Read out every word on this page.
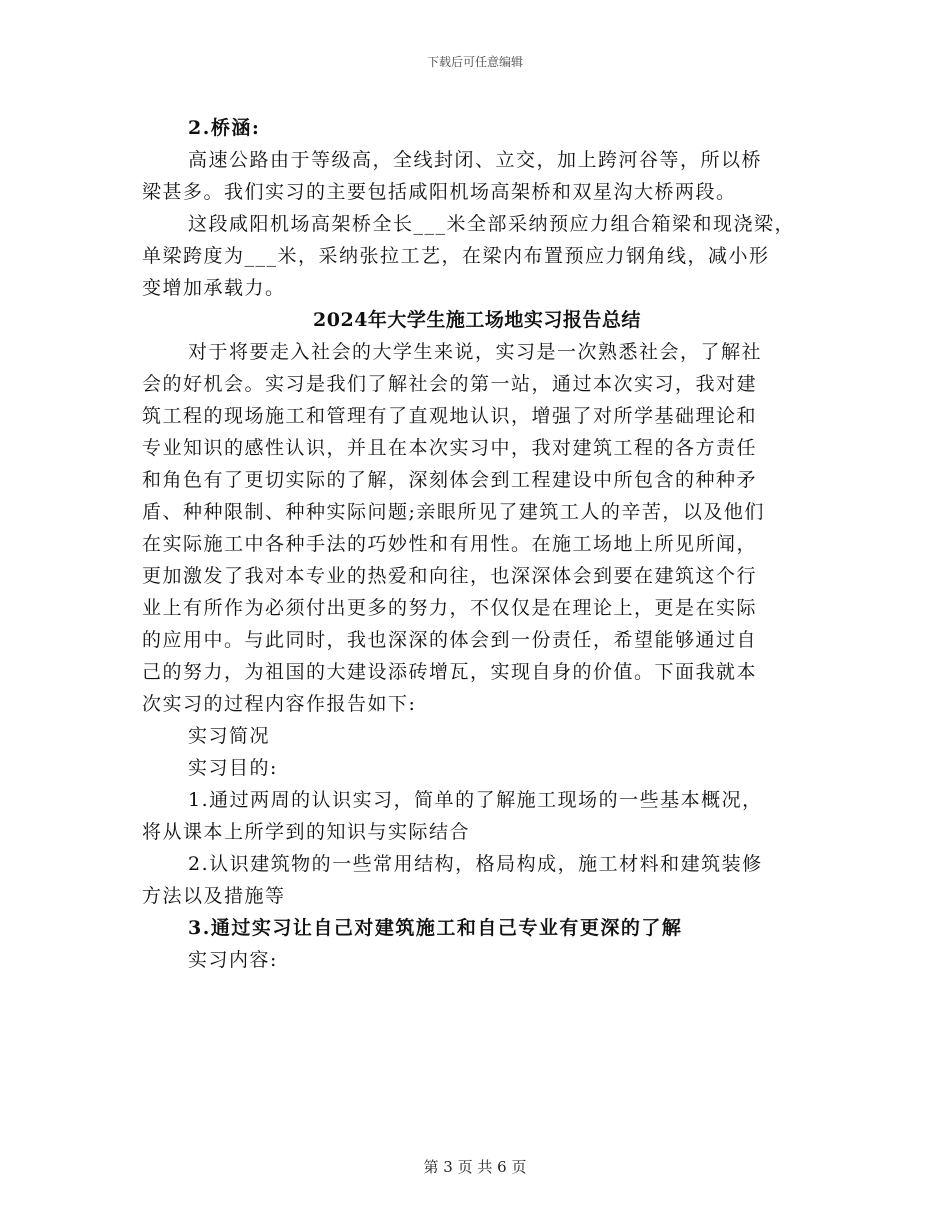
下载后可任意编辑
2.桥涵:
高速公路由于等级高，全线封闭、立交，加上跨河谷等，所以桥
梁甚多。我们实习的主要包括咸阳机场高架桥和双星沟大桥两段。
这段咸阳机场高架桥全长___米全部采纳预应力组合箱梁和现浇梁，
单梁跨度为___米，采纳张拉工艺，在梁内布置预应力钢角线，减小形
变增加承载力。
2024年大学生施工场地实习报告总结
对于将要走入社会的大学生来说，实习是一次熟悉社会，了解社
会的好机会。实习是我们了解社会的第一站，通过本次实习，我对建
筑工程的现场施工和管理有了直观地认识，增强了对所学基础理论和
专业知识的感性认识，并且在本次实习中，我对建筑工程的各方责任
和角色有了更切实际的了解，深刻体会到工程建设中所包含的种种矛
盾、种种限制、种种实际问题;亲眼所见了建筑工人的辛苦，以及他们
在实际施工中各种手法的巧妙性和有用性。在施工场地上所见所闻，
更加激发了我对本专业的热爱和向往，也深深体会到要在建筑这个行
业上有所作为必须付出更多的努力，不仅仅是在理论上，更是在实际
的应用中。与此同时，我也深深的体会到一份责任，希望能够通过自
己的努力，为祖国的大建设添砖增瓦，实现自身的价值。下面我就本
次实习的过程内容作报告如下:
实习简况
实习目的:
1.通过两周的认识实习，简单的了解施工现场的一些基本概况，
将从课本上所学到的知识与实际结合
2.认识建筑物的一些常用结构，格局构成，施工材料和建筑装修
方法以及措施等
3.通过实习让自己对建筑施工和自己专业有更深的了解
实习内容:
第 3 页 共 6 页
